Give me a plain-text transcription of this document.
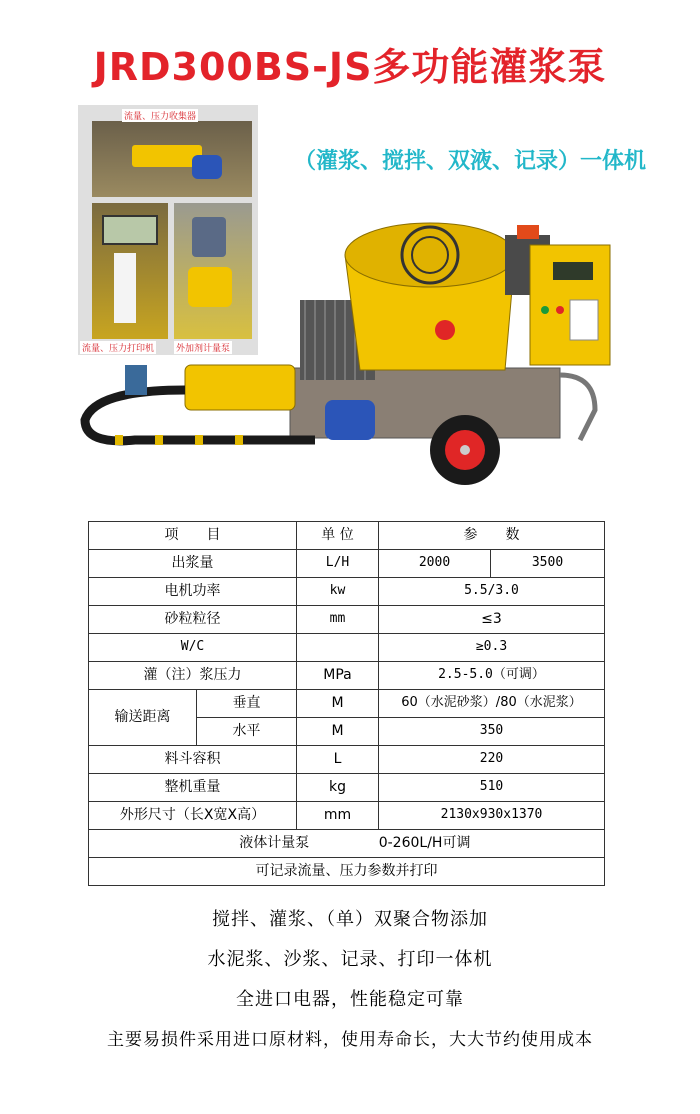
JRD300BS-JS多功能灌浆泵
流量、压力收集器
流量、压力打印机 外加剂计量泵
（灌浆、搅拌、双液、记录）一体机
项　　目		单 位	参　　数	
出浆量		L/H	2000	3500
电机功率		kw	5.5/3.0	
砂粒粒径		mm	≤3	
W/C			≥0.3	
灌（注）浆压力		MPa	2.5-5.0（可调）	
输送距离	垂直	M	60（水泥砂浆）/80（水泥浆）	
	水平	M	350	
料斗容积		L	220	
整机重量		kg	510	
外形尺寸（长X宽X高）		mm	2130x930x1370	
液体计量泵 0-260L/H可调				
可记录流量、压力参数并打印				
搅拌、灌浆、（单）双聚合物添加
水泥浆、沙浆、记录、打印一体机
全进口电器，性能稳定可靠
主要易损件采用进口原材料，使用寿命长，大大节约使用成本
